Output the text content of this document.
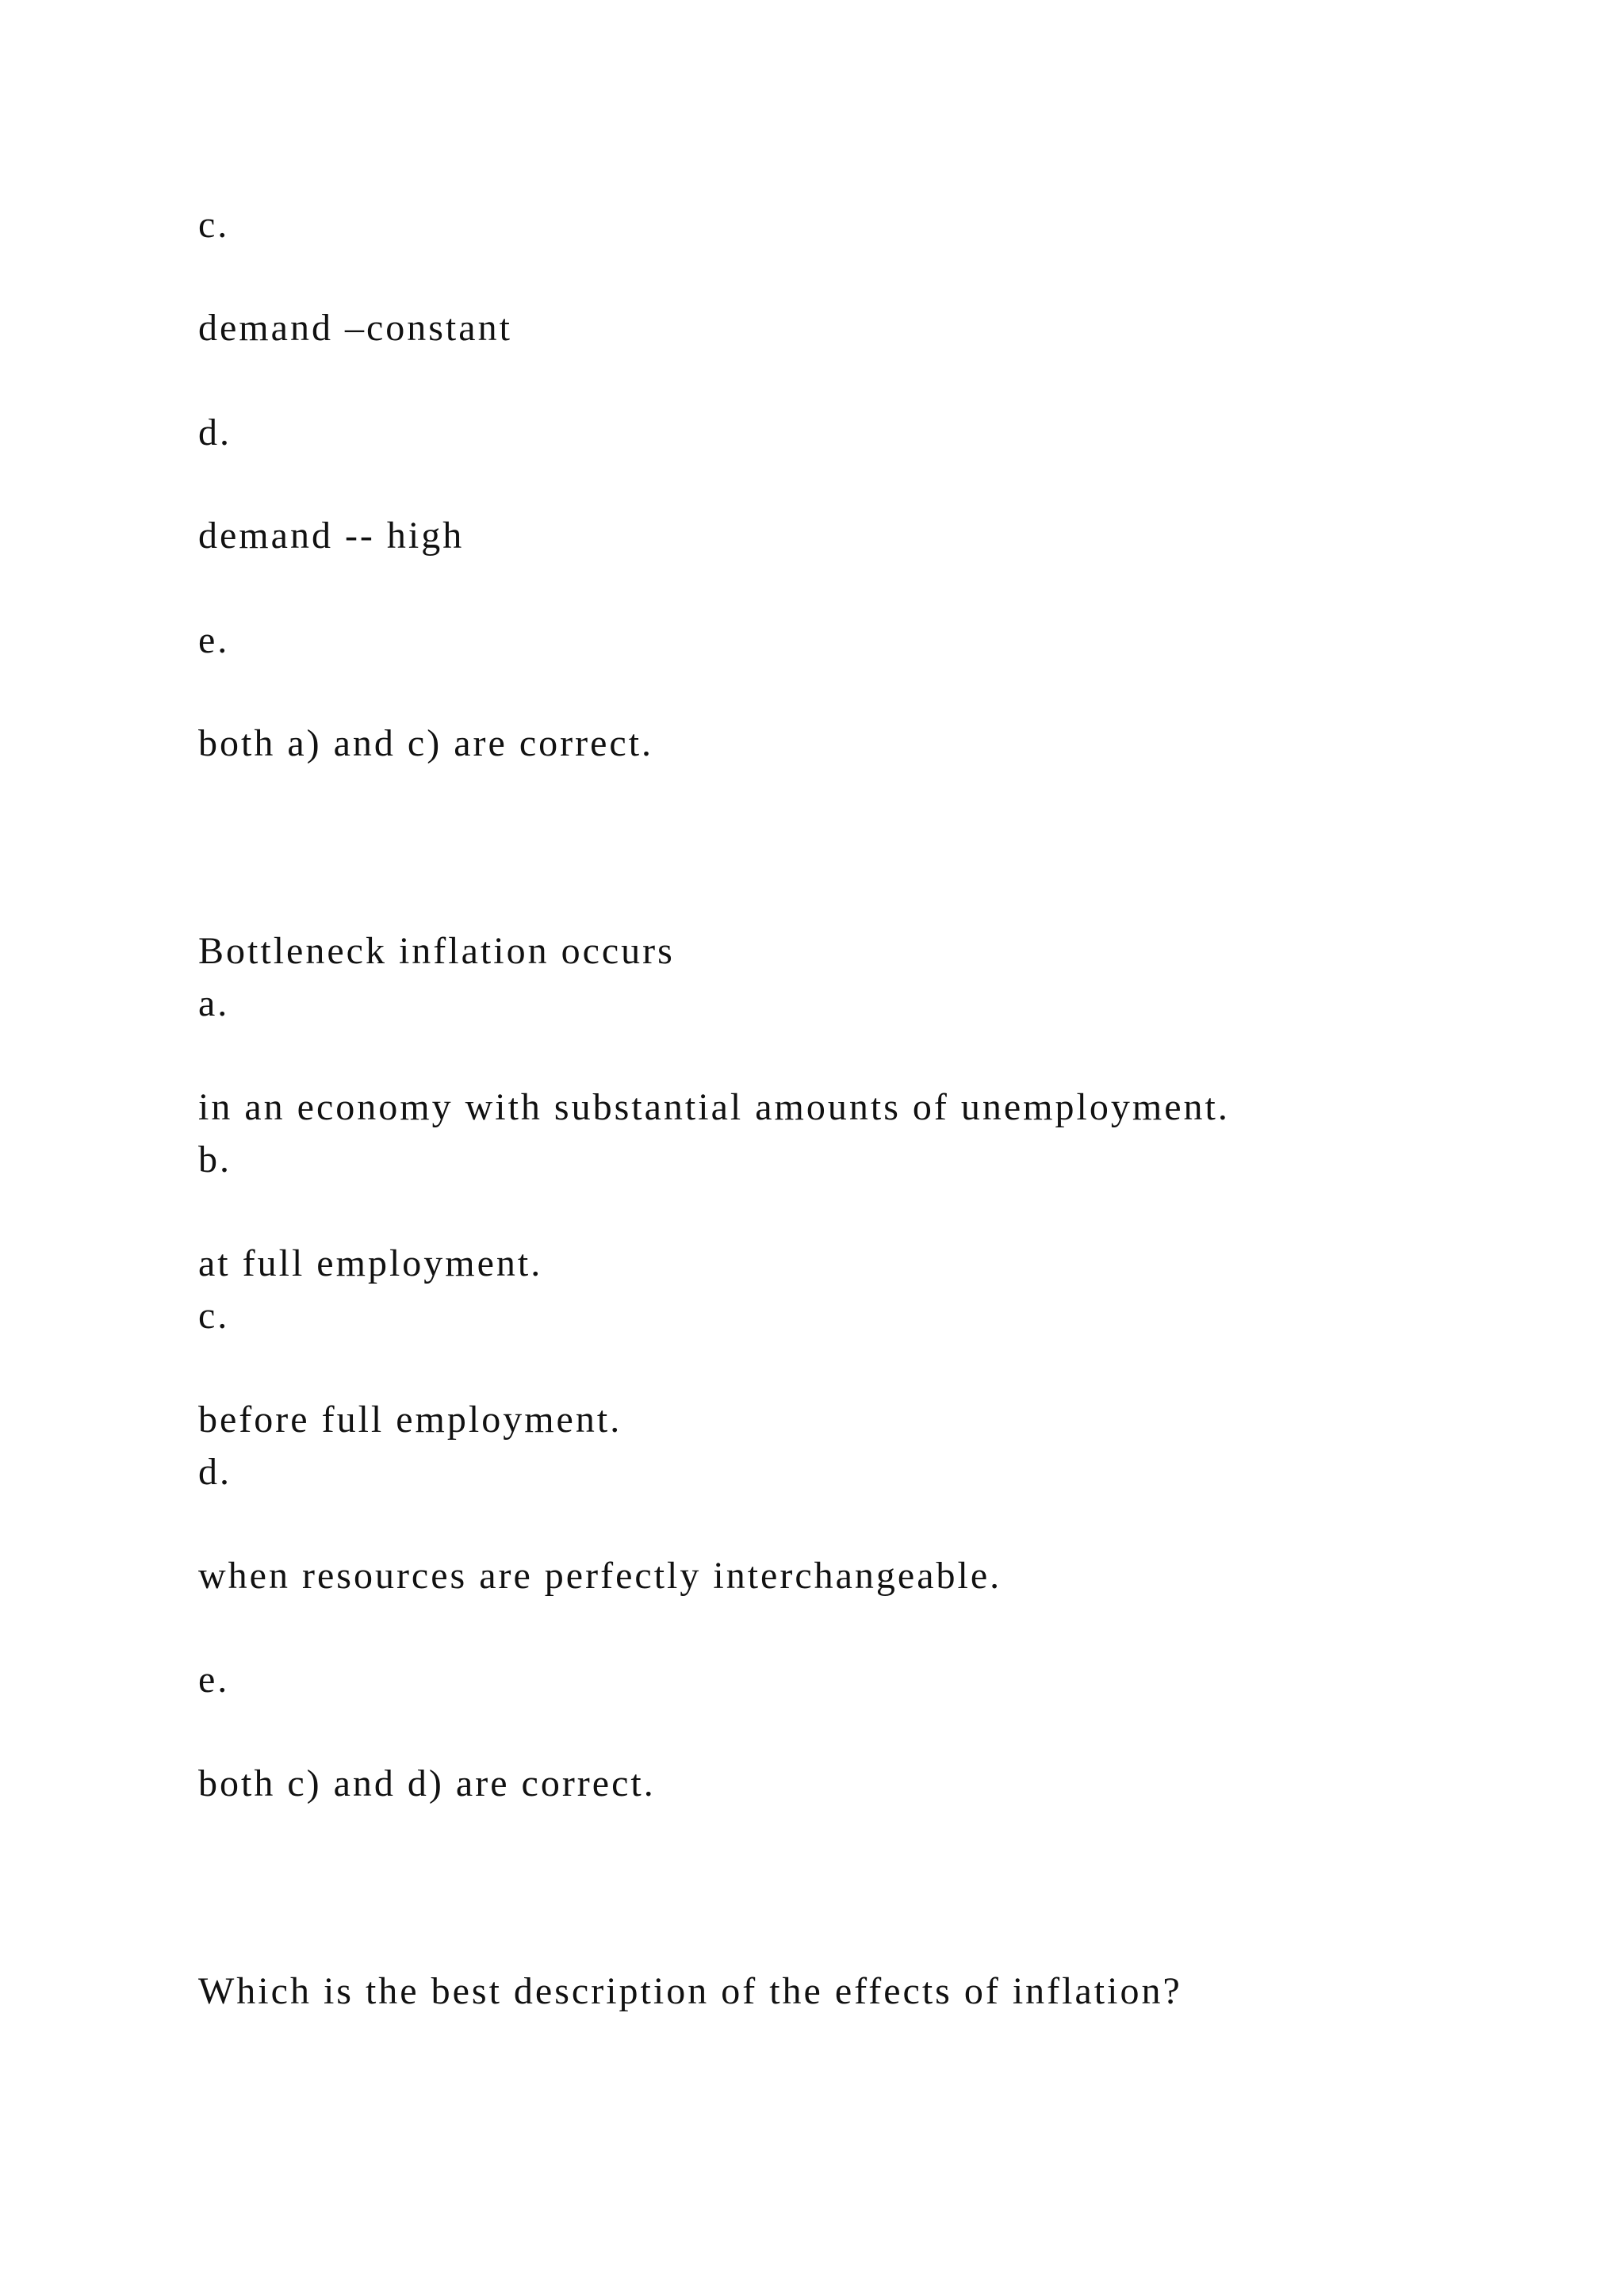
c.
demand –constant
d.
demand -- high
e.
both a) and c) are correct.
Bottleneck inflation occurs
a.
in an economy with substantial amounts of unemployment.
b.
at full employment.
c.
before full employment.
d.
when resources are perfectly interchangeable.
e.
both c) and d) are correct.
Which is the best description of the effects of inflation?
